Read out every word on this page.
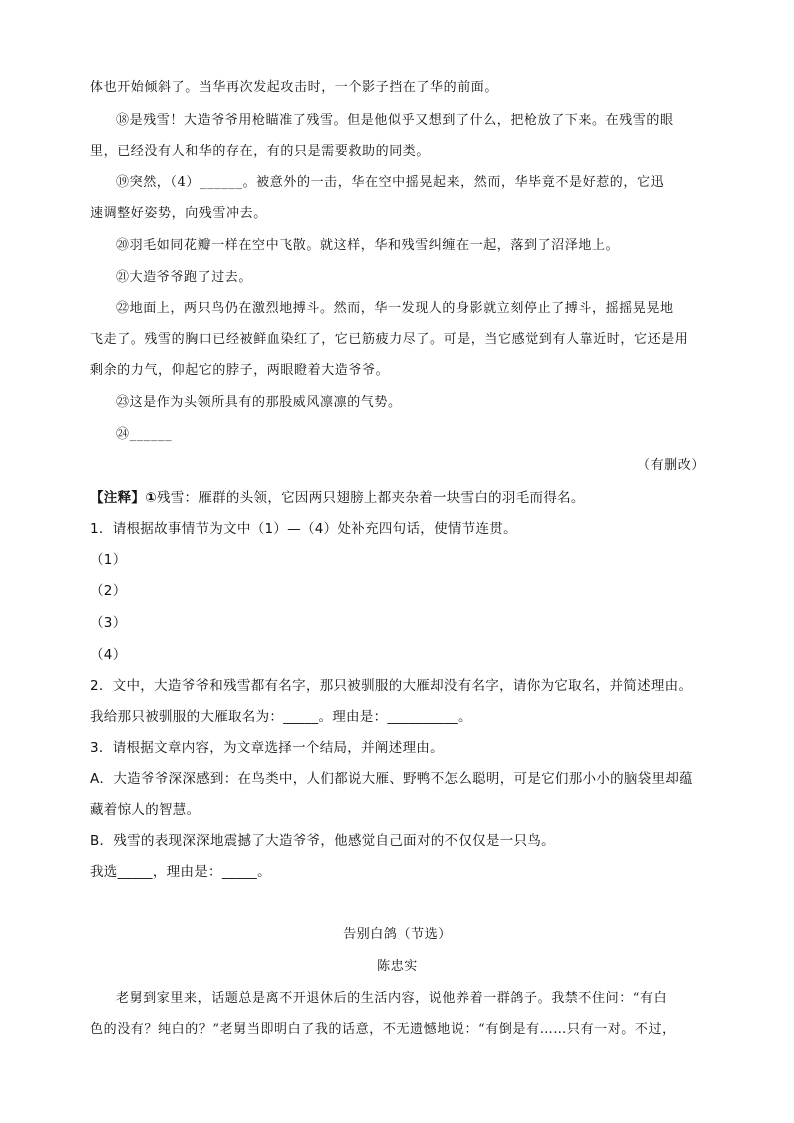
体也开始倾斜了。当华再次发起攻击时，一个影子挡在了华的前面。
⑱是残雪！大造爷爷用枪瞄准了残雪。但是他似乎又想到了什么，把枪放了下来。在残雪的眼
里，已经没有人和华的存在，有的只是需要救助的同类。
⑲突然，（4）______。被意外的一击，华在空中摇晃起来，然而，华毕竟不是好惹的，它迅
速调整好姿势，向残雪冲去。
⑳羽毛如同花瓣一样在空中飞散。就这样，华和残雪纠缠在一起，落到了沼泽地上。
㉑大造爷爷跑了过去。
㉒地面上，两只鸟仍在激烈地搏斗。然而，华一发现人的身影就立刻停止了搏斗，摇摇晃晃地
飞走了。残雪的胸口已经被鲜血染红了，它已筋疲力尽了。可是，当它感觉到有人靠近时，它还是用
剩余的力气，仰起它的脖子，两眼瞪着大造爷爷。
㉓这是作为头领所具有的那股威风凛凛的气势。
㉔______
（有删改）
【注释】①残雪：雁群的头领，它因两只翅膀上都夹杂着一块雪白的羽毛而得名。
1．请根据故事情节为文中（1）—（4）处补充四句话，使情节连贯。
（1）
（2）
（3）
（4）
2．文中，大造爷爷和残雪都有名字，那只被驯服的大雁却没有名字，请你为它取名，并简述理由。
我给那只被驯服的大雁取名为：_____。理由是：__________。
3．请根据文章内容，为文章选择一个结局，并阐述理由。
A．大造爷爷深深感到：在鸟类中，人们都说大雁、野鸭不怎么聪明，可是它们那小小的脑袋里却蕴
藏着惊人的智慧。
B．残雪的表现深深地震撼了大造爷爷，他感觉自己面对的不仅仅是一只鸟。
我选_____，理由是：_____。
告别白鸽（节选）
陈忠实
老舅到家里来，话题总是离不开退休后的生活内容，说他养着一群鸽子。我禁不住问：“有白
色的没有？纯白的？”老舅当即明白了我的话意，不无遗憾地说：“有倒是有……只有一对。不过，
